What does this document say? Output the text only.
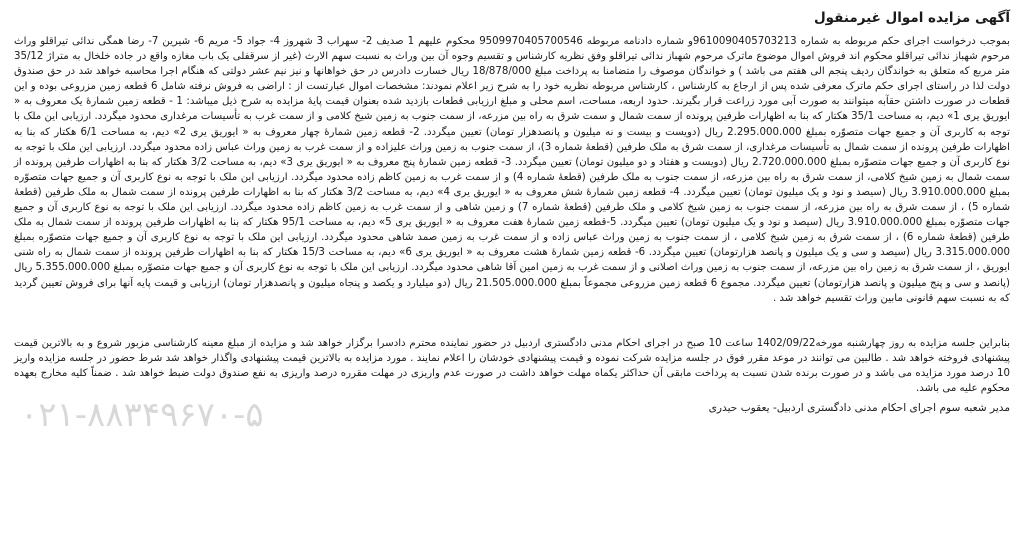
آگهی مزایده اموال غیرمنقول

بموجب درخواست اجرای حکم مربوطه به شماره 9610090405703213و شماره دادنامه مربوطه 9509970405700546 محکوم علیهم 1 صدیف 2- سهراب 3 شهروز 4- جواد 5- مریم 6- شیرین 7- رضا همگی ندائی تیراقلو وراث مرحوم شهباز ندائی تیراقلو محکوم اند فروش اموال موضوع ماترک مرحوم شهباز ندائی تیراقلو وفق نظریه کارشناس و تقسیم وجوه آن بین وراث به نسبت سهم الارث (غیر از سرقفلی یک باب مغازه واقع در جاده خلخال به متراژ 35/12 متر مربع که متعلق به خواندگان ردیف پنجم الی هفتم می باشد ) و خواندگان موصوف را متضامنا به پرداخت مبلغ 18/878/000 ریال خسارت دادرس در حق خواهانها و نیز نیم عشر دولتی که هنگام اجرا محاسبه خواهد شد در حق صندوق دولت لذا در راستای اجرای حکم ماترک معرفی شده پس از ارجاع به کارشناس ، کارشناس مربوطه نظریه خود را به شرح زیر اعلام نمودند: مشخصات اموال عبارتست از : اراضی به فروش نرفته شامل 6 قطعه زمین مزروعی بوده و این قطعات در صورت داشتن حقآبه میتوانند به صورت آبی مورد زراعت قرار بگیرند. حدود اربعه، مساحت، اسم محلی و مبلغ ارزیابی قطعات بازدید شده بعنوان قیمت پایهٔ مزایده به شرح ذیل میباشد: 1 - قطعه زمین شمارهٔ یک معروف به « ایوریق یری 1» دیم، به مساحت 35/1 هکتار که بنا به اظهارات طرفین پرونده از سمت شمال و سمت شرق به راه بین مزرعه، از سمت جنوب به زمین شیخ کلامی و از سمت غرب به تأسیسات مرغداری محدود میگردد. ارزیابی این ملک با توجه به کاربری آن و جمیع جهات متصوّره بمبلغ 2.295.000.000 ریال (دویست و بیست و نه میلیون و پانصدهزار تومان) تعیین میگردد. 2- قطعه زمین شمارهٔ چهار معروف به « ایوریق یری 2» دیم، به مساحت 6/1 هکتار که بنا به اظهارات طرفین پرونده از سمت شمال به تأسیسات مرغداری، از سمت شرق به ملک طرفین (قطعهٔ شماره 3)، از سمت جنوب به زمین وراث علیزاده و از سمت غرب به زمین وراث عباس زاده محدود میگردد. ارزیابی این ملک با توجه به نوع کاربری آن و جمیع جهات متصوّره بمبلغ 2.720.000.000 ریال (دویست و هفتاد و دو میلیون تومان) تعیین میگردد. 3- قطعه زمین شمارهٔ پنج معروف به « ایوریق یری 3» دیم، به مساحت 3/2 هکتار که بنا به اظهارات طرفین پرونده از سمت شمال به زمین شیخ کلامی، از سمت شرق به راه بین مزرعه، از سمت جنوب به ملک طرفین (قطعهٔ شماره 4) و از سمت غرب به زمین کاظم زاده محدود میگردد. ارزیابی این ملک با توجه به نوع کاربری آن و جمیع جهات متصوّره بمبلغ 3.910.000.000 ریال (سیصد و نود و یک میلیون تومان) تعیین میگردد. 4- قطعه زمین شمارهٔ شش معروف به « ایوریق یری 4» دیم، به مساحت 3/2 هکتار که بنا به اظهارات طرفین پرونده از سمت شمال به ملک طرفین (قطعهٔ شماره 5) ، از سمت شرق به راه بین مزرعه، از سمت جنوب به زمین شیخ کلامی و ملک طرفین (قطعهٔ شماره 7) و زمین شاهی و از سمت غرب به زمین کاظم زاده محدود میگردد. ارزیابی این ملک با توجه به نوع کاربری آن و جمیع جهات متصوّره بمبلغ 3.910.000.000 ریال (سیصد و نود و یک میلیون تومان) تعیین میگردد. 5-قطعه زمین شمارهٔ هفت معروف به « ایوریق یری 5» دیم، به مساحت 95/1 هکتار که بنا به اظهارات طرفین پرونده از سمت شمال به ملک طرفین (قطعهٔ شماره 6) ، از سمت شرق به زمین شیخ کلامی ، از سمت جنوب به زمین وراث عباس زاده و از سمت غرب به زمین صمد شاهی محدود میگردد. ارزیابی این ملک با توجه به نوع کاربری آن و جمیع جهات متصوّره بمبلغ 3.315.000.000 ریال (سیصد و سی و یک میلیون و پانصد هزارتومان) تعیین میگردد. 6- قطعه زمین شمارهٔ هشت معروف به « ایوریق یری 6» دیم، به مساحت 15/3 هکتار که بنا به اظهارات طرفین پرونده از سمت شمال به راه شنی ایوریق ، از سمت شرق به زمین راه بین مزرعه، از سمت جنوب به زمین وراث اصلانی و از سمت غرب به زمین امین آقا شاهی محدود میگردد. ارزیابی این ملک با توجه به نوع کاربری آن و جمیع جهات متصوّره بمبلغ 5.355.000.000 ریال (پانصد و سی و پنج میلیون و پانصد هزارتومان) تعیین میگردد. مجموع 6 قطعه زمین مزروعی مجموعاً بمبلغ 21.505.000.000 ریال (دو میلیارد و یکصد و پنجاه میلیون و پانصدهزار تومان) ارزیابی و قیمت پایه آنها برای فروش تعیین گردید که به نسبت سهم قانونی مابین وراث تقسیم خواهد شد .

بنابراین جلسه مزایده به روز چهارشنبه مورخه1402/09/22 ساعت 10 صبح در اجرای احکام مدنی دادگستری اردبیل در حضور نماینده محترم دادسرا برگزار خواهد شد و مزایده از مبلغ معینه کارشناسی مزبور شروع و به بالاترین قیمت پیشنهادی فروخته خواهد شد . طالبین می توانند در موعد مقرر فوق در جلسه مزایده شرکت نموده و قیمت پیشنهادی خودشان را اعلام نمایند . مورد مزایده به بالاترین قیمت پیشنهادی واگذار خواهد شد شرط حضور در جلسه مزایده واریز 10 درصد مورد مزایده می باشد و در صورت برنده شدن نسبت به پرداخت مابقی آن حداکثر یکماه مهلت خواهد داشت در صورت عدم واریزی در مهلت مقرره درصد واریزی به نفع صندوق دولت ضبط خواهد شد . ضمناً کلیه مخارج بعهده محکوم علیه می باشد.

مدیر شعبه سوم اجرای احکام مدنی دادگستری اردبیل- یعقوب حیدری
۰۲۱-۸۸۳۴۹۶۷۰-۵
